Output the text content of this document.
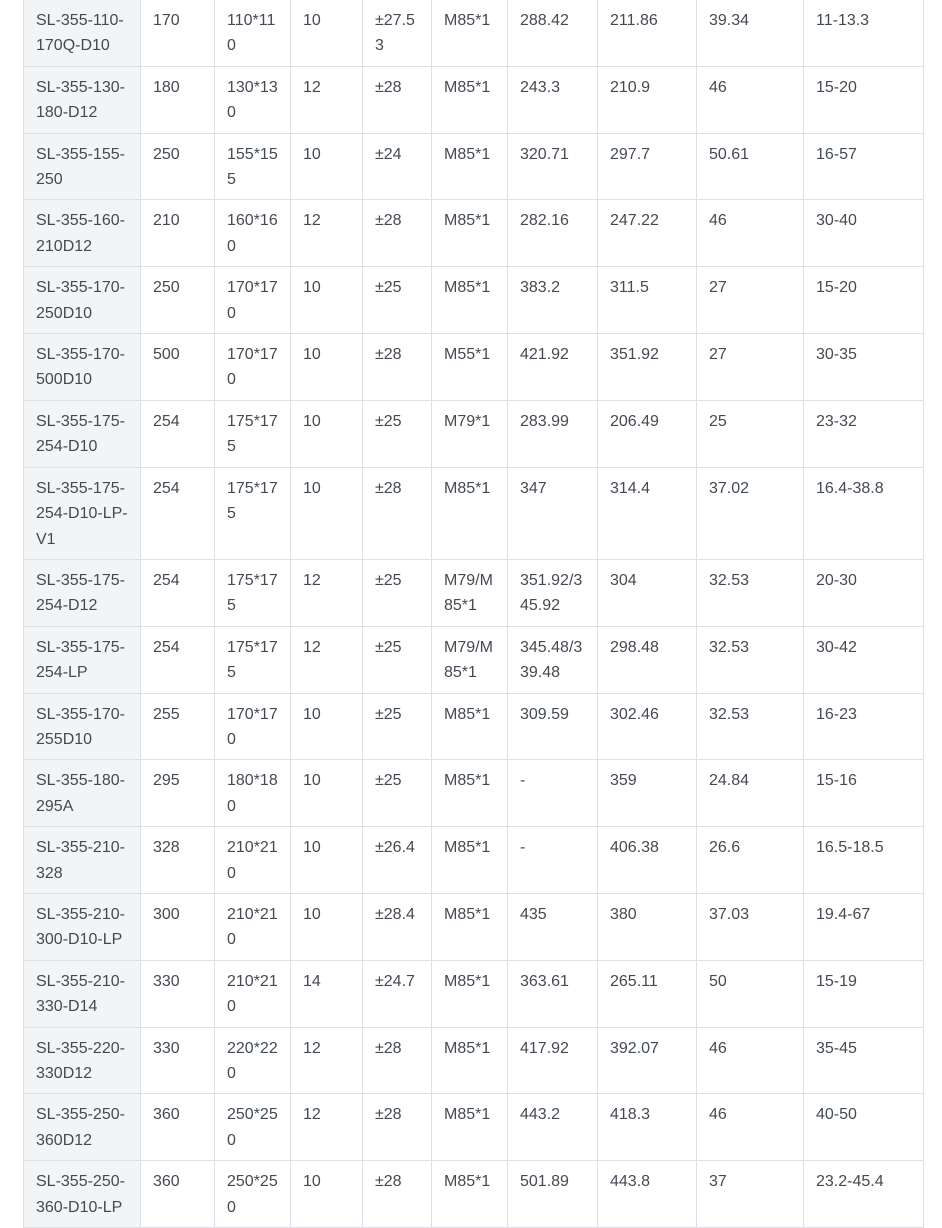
SL-355-110-170Q-D10	170	110*110	10	±27.53	M85*1	288.42	211.86	39.34	11-13.3
SL-355-130-180-D12	180	130*130	12	±28	M85*1	243.3	210.9	46	15-20
SL-355-155-250	250	155*155	10	±24	M85*1	320.71	297.7	50.61	16-57
SL-355-160-210D12	210	160*160	12	±28	M85*1	282.16	247.22	46	30-40
SL-355-170-250D10	250	170*170	10	±25	M85*1	383.2	311.5	27	15-20
SL-355-170-500D10	500	170*170	10	±28	M55*1	421.92	351.92	27	30-35
SL-355-175-254-D10	254	175*175	10	±25	M79*1	283.99	206.49	25	23-32
SL-355-175-254-D10-LP-V1	254	175*175	10	±28	M85*1	347	314.4	37.02	16.4-38.8
SL-355-175-254-D12	254	175*175	12	±25	M79/M85*1	351.92/345.92	304	32.53	20-30
SL-355-175-254-LP	254	175*175	12	±25	M79/M85*1	345.48/339.48	298.48	32.53	30-42
SL-355-170-255D10	255	170*170	10	±25	M85*1	309.59	302.46	32.53	16-23
SL-355-180-295A	295	180*180	10	±25	M85*1	-	359	24.84	15-16
SL-355-210-328	328	210*210	10	±26.4	M85*1	-	406.38	26.6	16.5-18.5
SL-355-210-300-D10-LP	300	210*210	10	±28.4	M85*1	435	380	37.03	19.4-67
SL-355-210-330-D14	330	210*210	14	±24.7	M85*1	363.61	265.11	50	15-19
SL-355-220-330D12	330	220*220	12	±28	M85*1	417.92	392.07	46	35-45
SL-355-250-360D12	360	250*250	12	±28	M85*1	443.2	418.3	46	40-50
SL-355-250-360-D10-LP	360	250*250	10	±28	M85*1	501.89	443.8	37	23.2-45.4
